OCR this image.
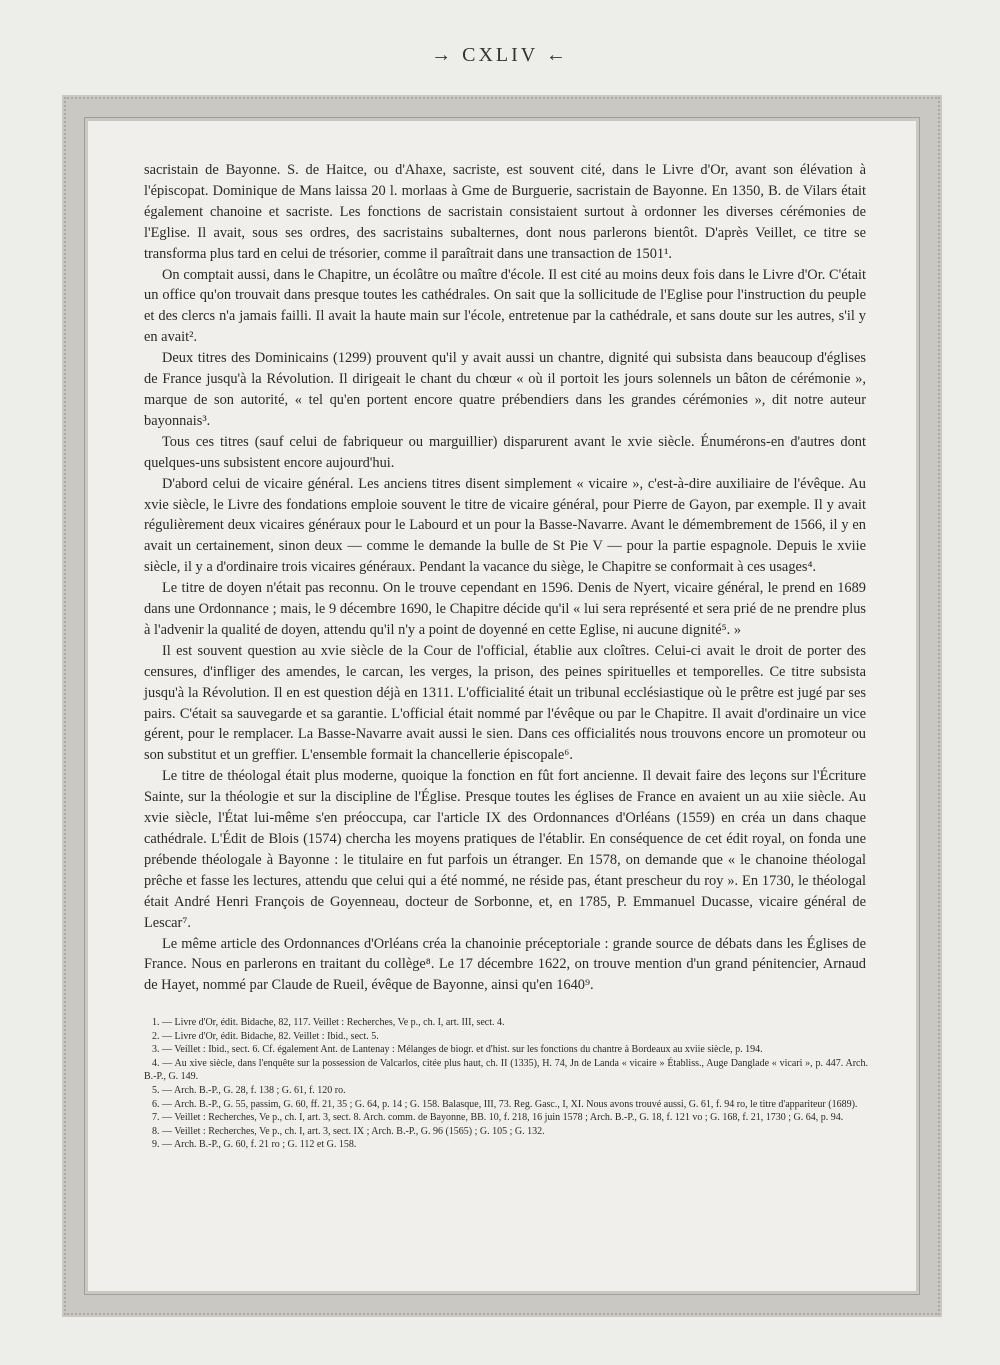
→ CXLIV ←

sacristain de Bayonne. S. de Haitce, ou d'Ahaxe, sacriste, est souvent cité, dans le Livre d'Or, avant son élévation à l'épiscopat. Dominique de Mans laissa 20 l. morlaas à Gme de Burguerie, sacristain de Bayonne. En 1350, B. de Vilars était également chanoine et sacriste. Les fonctions de sacristain consistaient surtout à ordonner les diverses cérémonies de l'Eglise. Il avait, sous ses ordres, des sacristains subalternes, dont nous parlerons bientôt. D'après Veillet, ce titre se transforma plus tard en celui de trésorier, comme il paraîtrait dans une transaction de 1501¹.

On comptait aussi, dans le Chapitre, un écolâtre ou maître d'école. Il est cité au moins deux fois dans le Livre d'Or. C'était un office qu'on trouvait dans presque toutes les cathédrales. On sait que la sollicitude de l'Eglise pour l'instruction du peuple et des clercs n'a jamais failli. Il avait la haute main sur l'école, entretenue par la cathédrale, et sans doute sur les autres, s'il y en avait².

Deux titres des Dominicains (1299) prouvent qu'il y avait aussi un chantre, dignité qui subsista dans beaucoup d'églises de France jusqu'à la Révolution. Il dirigeait le chant du chœur « où il portoit les jours solennels un bâton de cérémonie », marque de son autorité, « tel qu'en portent encore quatre prébendiers dans les grandes cérémonies », dit notre auteur bayonnais³.

Tous ces titres (sauf celui de fabriqueur ou marguillier) disparurent avant le xvie siècle. Énumérons-en d'autres dont quelques-uns subsistent encore aujourd'hui.

D'abord celui de vicaire général. Les anciens titres disent simplement « vicaire », c'est-à-dire auxiliaire de l'évêque. Au xvie siècle, le Livre des fondations emploie souvent le titre de vicaire général, pour Pierre de Gayon, par exemple. Il y avait régulièrement deux vicaires généraux pour le Labourd et un pour la Basse-Navarre. Avant le démembrement de 1566, il y en avait un certainement, sinon deux — comme le demande la bulle de St Pie V — pour la partie espagnole. Depuis le xviie siècle, il y a d'ordinaire trois vicaires généraux. Pendant la vacance du siège, le Chapitre se conformait à ces usages⁴.

Le titre de doyen n'était pas reconnu. On le trouve cependant en 1596. Denis de Nyert, vicaire général, le prend en 1689 dans une Ordonnance ; mais, le 9 décembre 1690, le Chapitre décide qu'il « lui sera représenté et sera prié de ne prendre plus à l'advenir la qualité de doyen, attendu qu'il n'y a point de doyenné en cette Eglise, ni aucune dignité⁵. »

Il est souvent question au xvie siècle de la Cour de l'official, établie aux cloîtres. Celui-ci avait le droit de porter des censures, d'infliger des amendes, le carcan, les verges, la prison, des peines spirituelles et temporelles. Ce titre subsista jusqu'à la Révolution. Il en est question déjà en 1311. L'officialité était un tribunal ecclésiastique où le prêtre est jugé par ses pairs. C'était sa sauvegarde et sa garantie. L'official était nommé par l'évêque ou par le Chapitre. Il avait d'ordinaire un vice gérent, pour le remplacer. La Basse-Navarre avait aussi le sien. Dans ces officialités nous trouvons encore un promoteur ou son substitut et un greffier. L'ensemble formait la chancellerie épiscopale⁶.

Le titre de théologal était plus moderne, quoique la fonction en fût fort ancienne. Il devait faire des leçons sur l'Écriture Sainte, sur la théologie et sur la discipline de l'Église. Presque toutes les églises de France en avaient un au xiie siècle. Au xvie siècle, l'État lui-même s'en préoccupa, car l'article IX des Ordonnances d'Orléans (1559) en créa un dans chaque cathédrale. L'Édit de Blois (1574) chercha les moyens pratiques de l'établir. En conséquence de cet édit royal, on fonda une prébende théologale à Bayonne : le titulaire en fut parfois un étranger. En 1578, on demande que « le chanoine théologal prêche et fasse les lectures, attendu que celui qui a été nommé, ne réside pas, étant prescheur du roy ». En 1730, le théologal était André Henri François de Goyenneau, docteur de Sorbonne, et, en 1785, P. Emmanuel Ducasse, vicaire général de Lescar⁷.

Le même article des Ordonnances d'Orléans créa la chanoinie préceptoriale : grande source de débats dans les Églises de France. Nous en parlerons en traitant du collège⁸. Le 17 décembre 1622, on trouve mention d'un grand pénitencier, Arnaud de Hayet, nommé par Claude de Rueil, évêque de Bayonne, ainsi qu'en 1640⁹.

1. — Livre d'Or, édit. Bidache, 82, 117. Veillet : Recherches, Ve p., ch. I, art. III, sect. 4.
2. — Livre d'Or, édit. Bidache, 82. Veillet : Ibid., sect. 5.
3. — Veillet : Ibid., sect. 6. Cf. également Ant. de Lantenay : Mélanges de biogr. et d'hist. sur les fonctions du chantre à Bordeaux au xviie siècle, p. 194.
4. — Au xive siècle, dans l'enquête sur la possession de Valcarlos, citée plus haut, ch. II (1335), H. 74, Jn de Landa « vicaire » Établiss., Auge Danglade « vicari », p. 447. Arch. B.-P., G. 149.
5. — Arch. B.-P., G. 28, f. 138 ; G. 61, f. 120 ro.
6. — Arch. B.-P., G. 55, passim, G. 60, ff. 21, 35 ; G. 64, p. 14 ; G. 158. Balasque, III, 73. Reg. Gasc., I, XI. Nous avons trouvé aussi, G. 61, f. 94 ro, le titre d'appariteur (1689).
7. — Veillet : Recherches, Ve p., ch. I, art. 3, sect. 8. Arch. comm. de Bayonne, BB. 10, f. 218, 16 juin 1578 ; Arch. B.-P., G. 18, f. 121 vo ; G. 168, f. 21, 1730 ; G. 64, p. 94.
8. — Veillet : Recherches, Ve p., ch. I, art. 3, sect. IX ; Arch. B.-P., G. 96 (1565) ; G. 105 ; G. 132.
9. — Arch. B.-P., G. 60, f. 21 ro ; G. 112 et G. 158.
